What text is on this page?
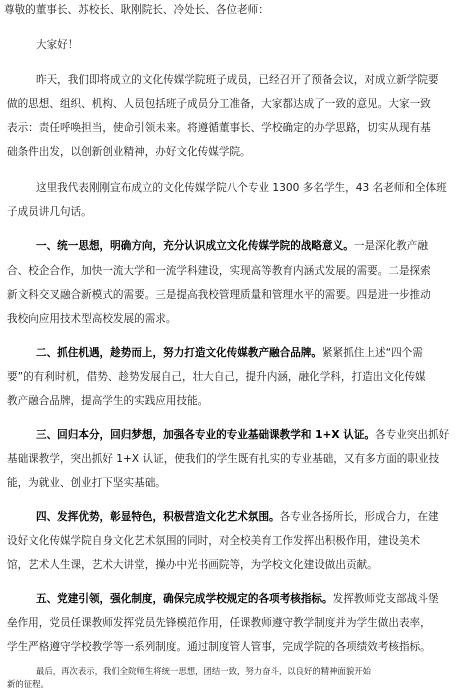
尊敬的董事长、苏校长、耿刚院长、冷处长、各位老师：
大家好！
昨天，我们即将成立的文化传媒学院班子成员，已经召开了预备会议，对成立新学院要
做的思想、组织、机构、人员包括班子成员分工准备，大家都达成了一致的意见。大家一致
表示：责任呼唤担当，使命引领未来。将遵循董事长、学校确定的办学思路，切实从现有基
础条件出发，以创新创业精神，办好文化传媒学院。
这里我代表刚刚宣布成立的文化传媒学院八个专业 1300 多名学生，43 名老师和全体班
子成员讲几句话。
一、统一思想，明确方向，充分认识成立文化传媒学院的战略意义。一是深化教产融
合、校企合作，加快一流大学和一流学科建设，实现高等教育内涵式发展的需要。二是探索
新文科交叉融合新模式的需要。三是提高我校管理质量和管理水平的需要。四是进一步推动
我校向应用技术型高校发展的需求。
二、抓住机遇，趁势而上，努力打造文化传媒教产融合品牌。紧紧抓住上述“四个需
要”的有利时机，借势、趁势发展自己，壮大自己，提升内涵，融化学科，打造出文化传媒
教产融合品牌，提高学生的实践应用技能。
三、回归本分，回归梦想，加强各专业的专业基础课教学和 1+X 认证。各专业突出抓好
基础课教学，突出抓好 1+X 认证，使我们的学生既有扎实的专业基础，又有多方面的职业技
能，为就业、创业打下坚实基础。
四、发挥优势，彰显特色，积极营造文化艺术氛围。各专业各扬所长，形成合力，在建
设好文化传媒学院自身文化艺术氛围的同时，对全校美育工作发挥出积极作用，建设美术
馆，艺术人生课，艺术大讲堂，操办中光书画院等，为学校文化建设做出贡献。
五、党建引领，强化制度，确保完成学校规定的各项考核指标。发挥教师党支部战斗堡
垒作用，党员任课教师发挥党员先锋模范作用，任课教师遵守教学制度并为学生做出表率，
学生严格遵守学校教学等一系列制度。通过制度管人管事，完成学院的各项绩效考核指标。
最后，再次表示，我们全院师生将统一思想，团结一致，努力奋斗，以良好的精神面貌开始
新的征程。
